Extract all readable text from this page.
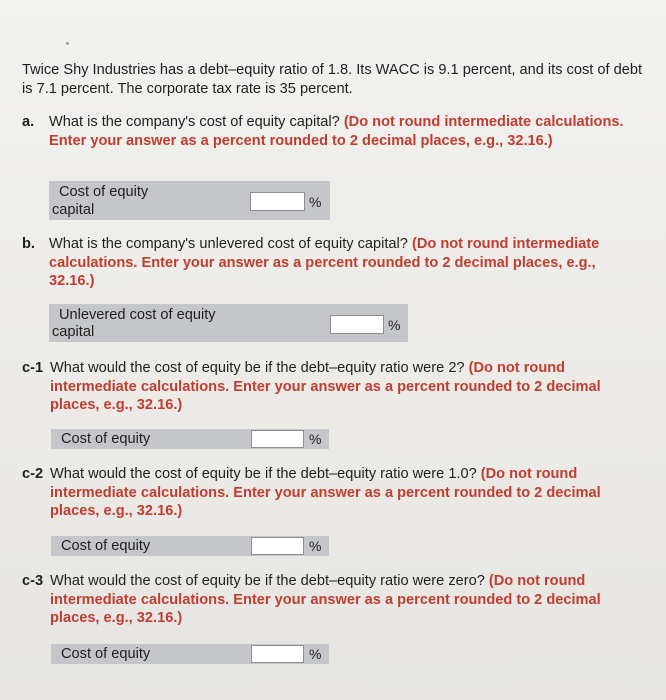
Twice Shy Industries has a debt–equity ratio of 1.8. Its WACC is 9.1 percent, and its cost of debt is 7.1 percent. The corporate tax rate is 35 percent.
a. What is the company's cost of equity capital? (Do not round intermediate calculations. Enter your answer as a percent rounded to 2 decimal places, e.g., 32.16.)
Cost of equity
capital	%
b. What is the company's unlevered cost of equity capital? (Do not round intermediate calculations. Enter your answer as a percent rounded to 2 decimal places, e.g., 32.16.)
Unlevered cost of equity
capital	%
c-1 What would the cost of equity be if the debt–equity ratio were 2? (Do not round intermediate calculations. Enter your answer as a percent rounded to 2 decimal places, e.g., 32.16.)
Cost of equity	%
c-2 What would the cost of equity be if the debt–equity ratio were 1.0? (Do not round intermediate calculations. Enter your answer as a percent rounded to 2 decimal places, e.g., 32.16.)
Cost of equity	%
c-3 What would the cost of equity be if the debt–equity ratio were zero? (Do not round intermediate calculations. Enter your answer as a percent rounded to 2 decimal places, e.g., 32.16.)
Cost of equity	%
